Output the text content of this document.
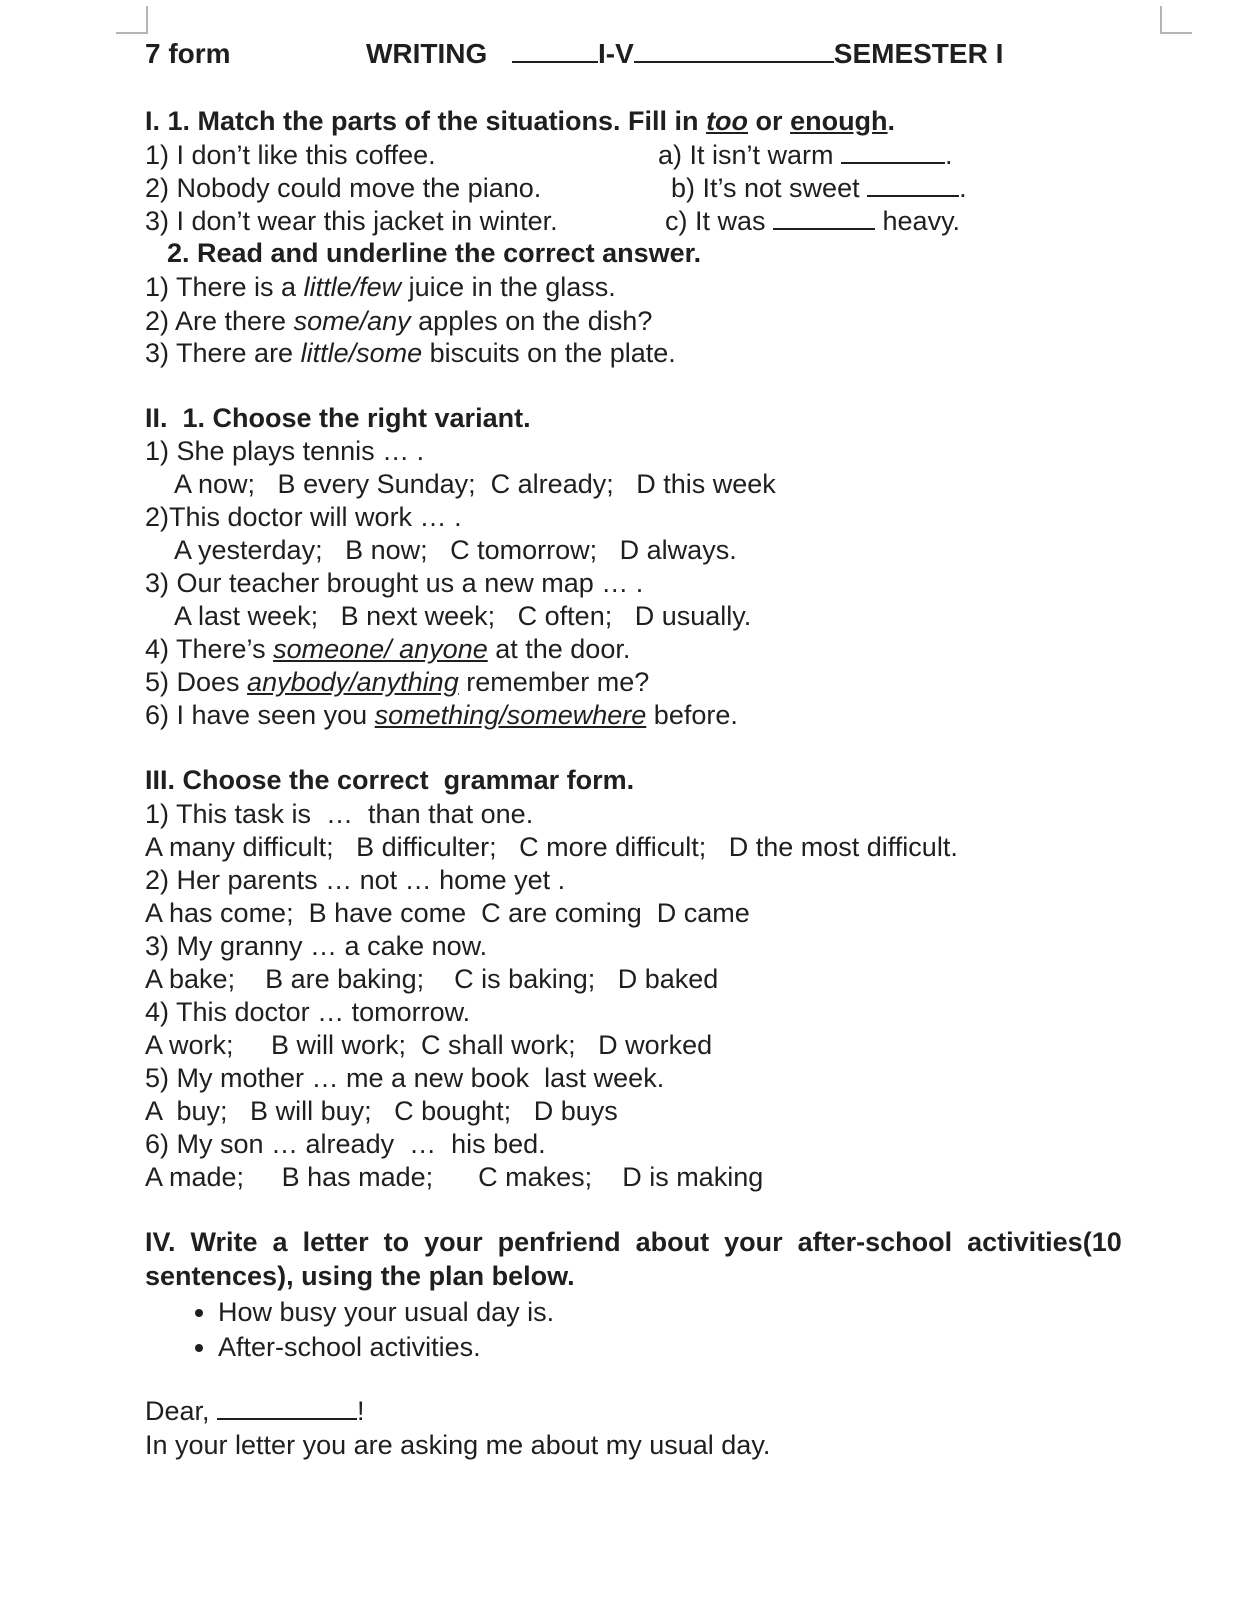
7 form	WRITING	I-V	SEMESTER I
I. 1. Match the parts of the situations. Fill in too or enough.
1) I don’t like this coffee.	a) It isn’t warm	.
2) Nobody could move the piano.	b) It’s not sweet	.
3) I don’t wear this jacket in winter.	c) It was	heavy.
2. Read and underline the correct answer.
1) There is a little/few juice in the glass.
2) Are there some/any apples on the dish?
3) There are little/some biscuits on the plate.
II.  1. Choose the right variant.
1) She plays tennis … .
A now;   B every Sunday;  C already;   D this week
2)This doctor will work … .
A yesterday;   B now;   C tomorrow;   D always.
3) Our teacher brought us a new map … .
A last week;   B next week;   C often;   D usually.
4) There’s someone/ anyone at the door.
5) Does anybody/anything remember me?
6) I have seen you something/somewhere before.
III. Choose the correct  grammar form.
1) This task is  …  than that one.
A many difficult;   B difficulter;   C more difficult;   D the most difficult.
2) Her parents … not … home yet .
A has come;  B have come  C are coming  D came
3) My granny … a cake now.
A bake;    B are baking;    C is baking;   D baked
4) This doctor … tomorrow.
A work;     B will work;  C shall work;   D worked
5) My mother … me a new book  last week.
A  buy;   B will buy;   C bought;   D buys
6) My son … already  …  his bed.
A made;     B has made;      C makes;    D is making
IV.  Write  a  letter  to  your  penfriend  about  your  after-school  activities(10
sentences), using the plan below.
• How busy your usual day is.
• After-school activities.
Dear,	!
In your letter you are asking me about my usual day.
